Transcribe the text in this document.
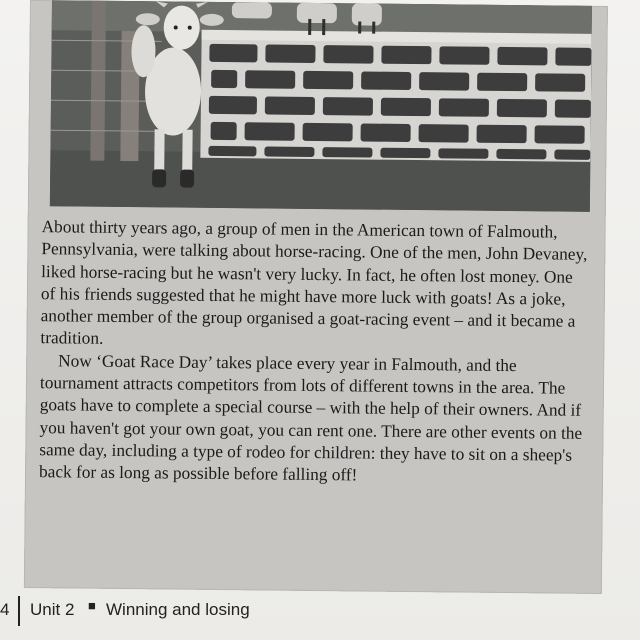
About thirty years ago, a group of men in the American town of Falmouth, Pennsylvania, were talking about horse-racing. One of the men, John Devaney, liked horse-racing but he wasn't very lucky. In fact, he often lost money. One of his friends suggested that he might have more luck with goats! As a joke, another member of the group organised a goat-racing event – and it became a tradition.

Now ‘Goat Race Day’ takes place every year in Falmouth, and the tournament attracts competitors from lots of different towns in the area. The goats have to complete a special course – with the help of their owners. And if you haven't got your own goat, you can rent one. There are other events on the same day, including a type of rodeo for children: they have to sit on a sheep's back for as long as possible before falling off!

4 Unit 2 ■ Winning and losing
